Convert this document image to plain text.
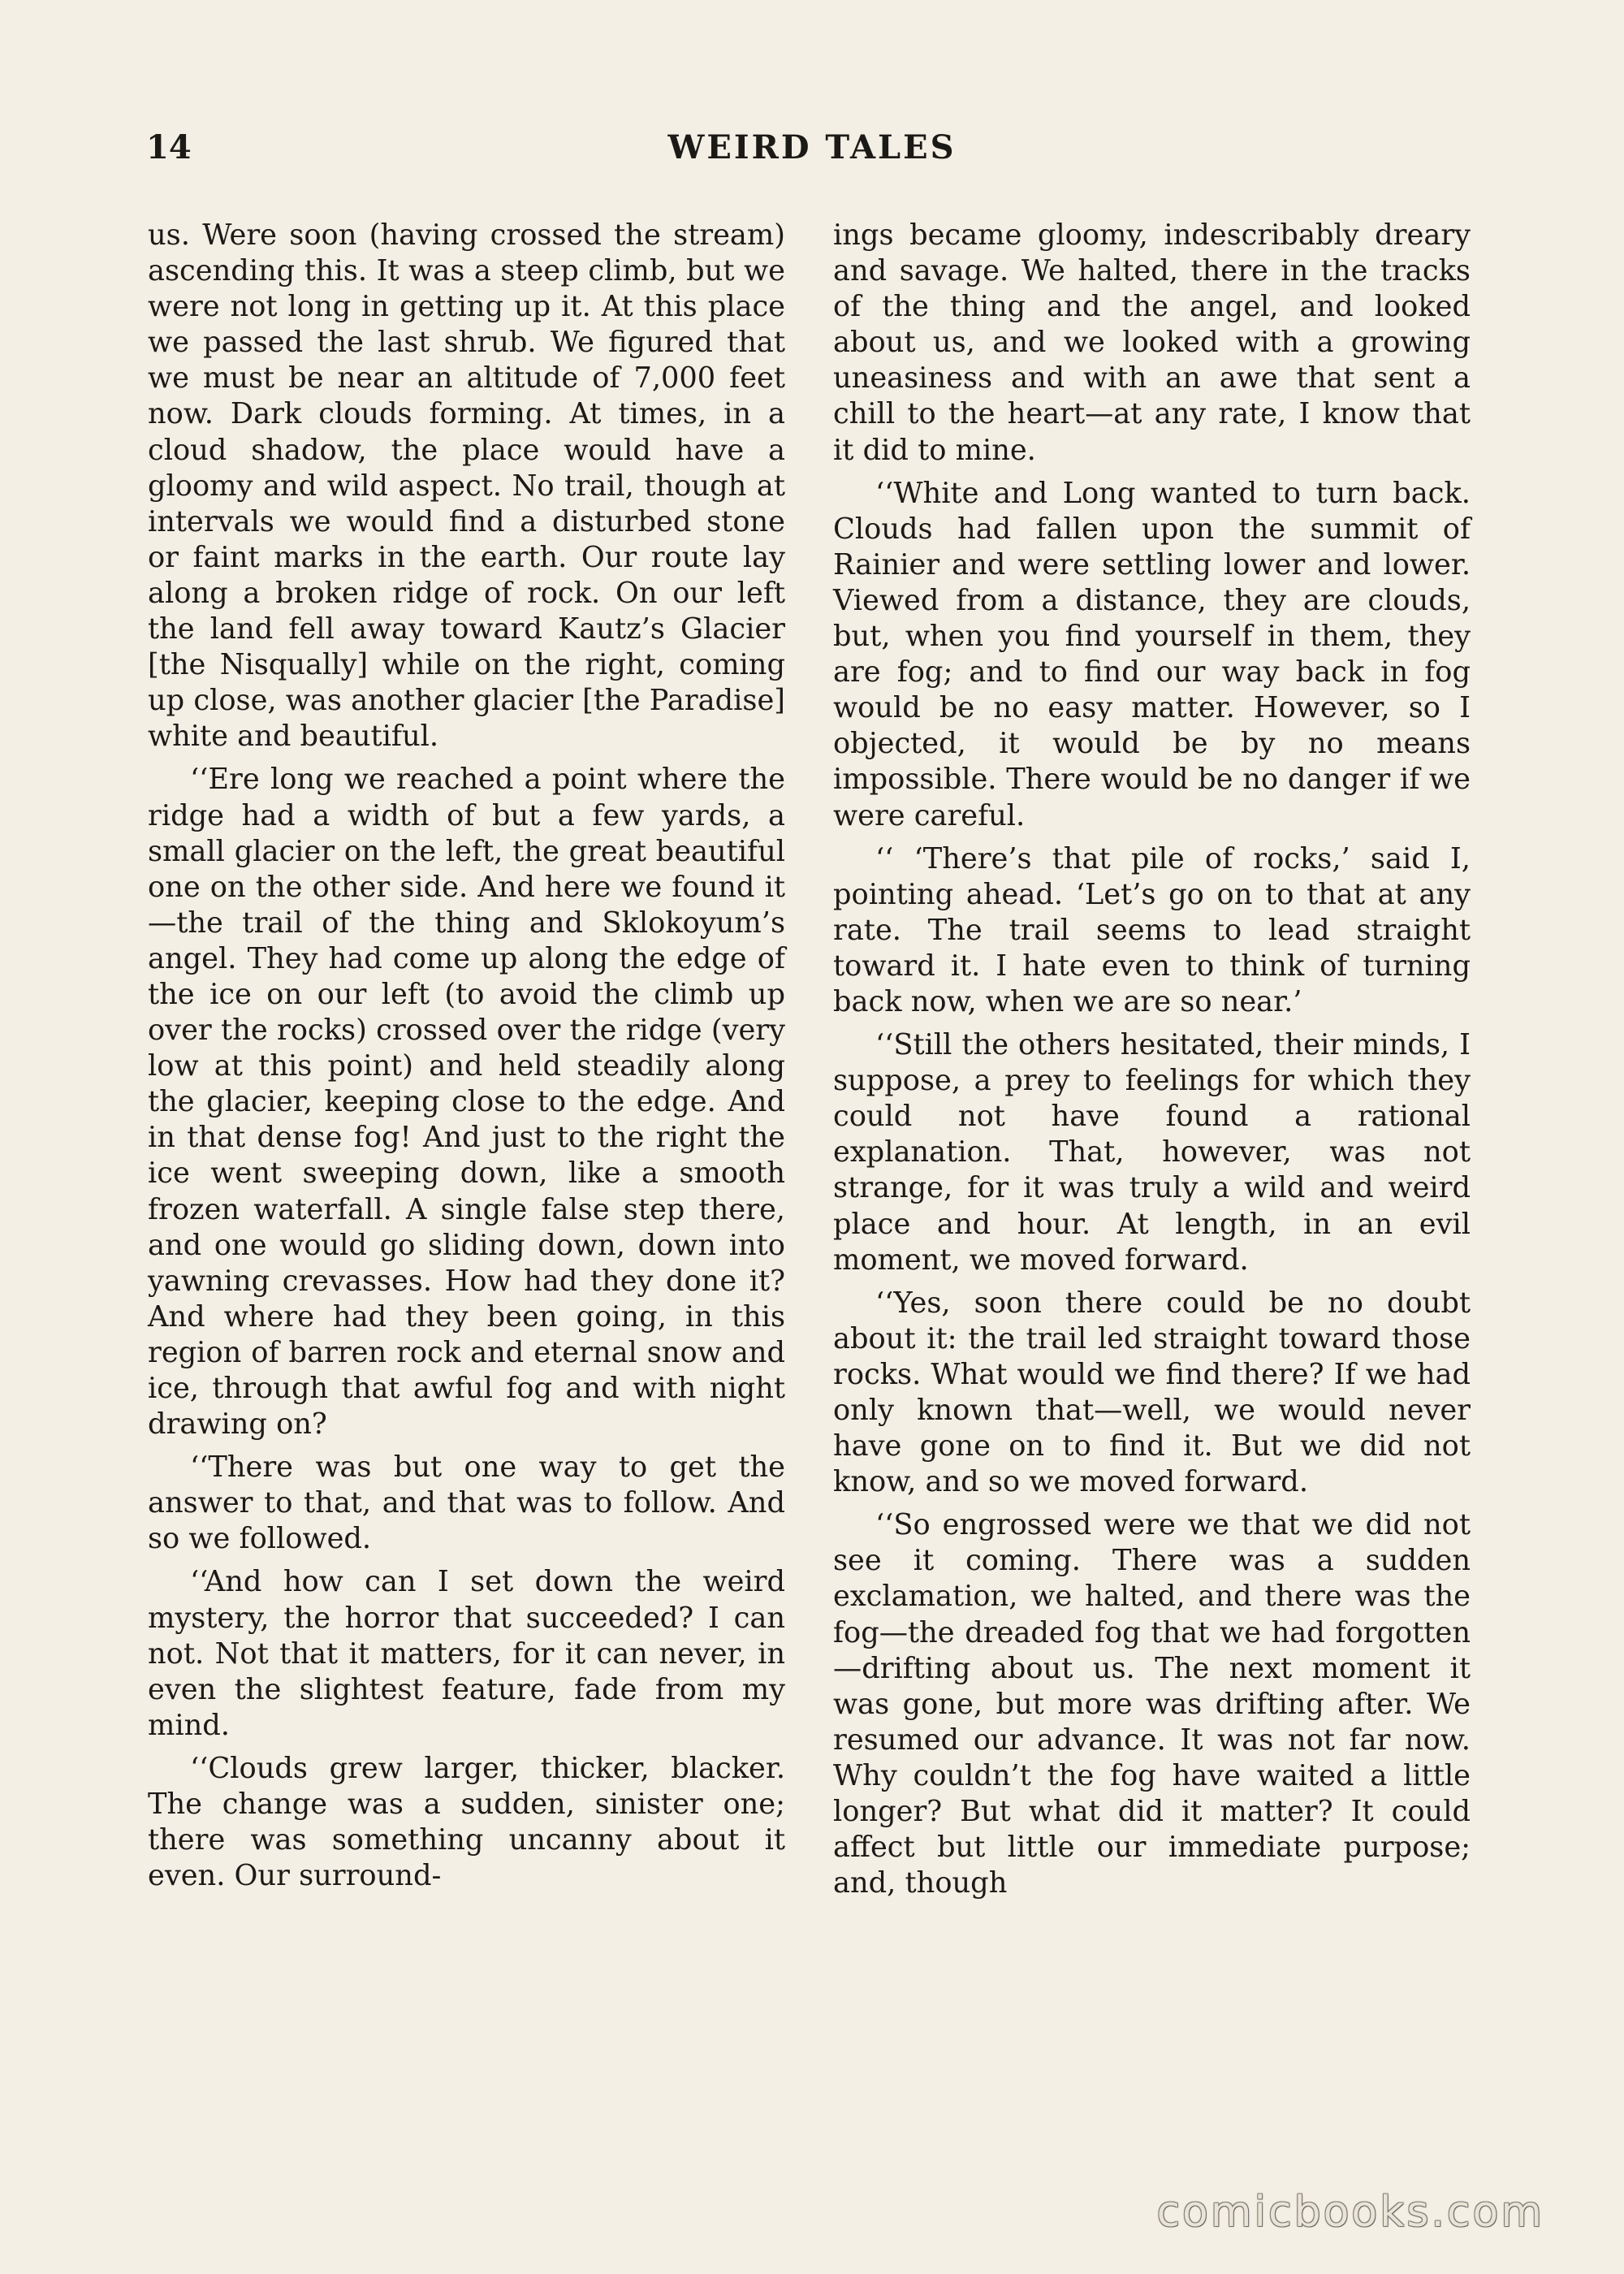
14	WEIRD TALES

us. Were soon (having crossed the stream) ascending this. It was a steep climb, but we were not long in getting up it. At this place we passed the last shrub. We figured that we must be near an altitude of 7,000 feet now. Dark clouds forming. At times, in a cloud shadow, the place would have a gloomy and wild aspect. No trail, though at intervals we would find a disturbed stone or faint marks in the earth. Our route lay along a broken ridge of rock. On our left the land fell away toward Kautz’s Glacier [the Nisqually] while on the right, coming up close, was another glacier [the Paradise] white and beautiful.

‘‘Ere long we reached a point where the ridge had a width of but a few yards, a small glacier on the left, the great beautiful one on the other side. And here we found it—the trail of the thing and Sklokoyum’s angel. They had come up along the edge of the ice on our left (to avoid the climb up over the rocks) crossed over the ridge (very low at this point) and held steadily along the glacier, keeping close to the edge. And in that dense fog! And just to the right the ice went sweeping down, like a smooth frozen waterfall. A single false step there, and one would go sliding down, down into yawning crevasses. How had they done it? And where had they been going, in this region of barren rock and eternal snow and ice, through that awful fog and with night drawing on?

‘‘There was but one way to get the answer to that, and that was to follow. And so we followed.

‘‘And how can I set down the weird mystery, the horror that succeeded? I can not. Not that it matters, for it can never, in even the slightest feature, fade from my mind.

‘‘Clouds grew larger, thicker, blacker. The change was a sudden, sinister one; there was something uncanny about it even. Our surround-

ings became gloomy, indescribably dreary and savage. We halted, there in the tracks of the thing and the angel, and looked about us, and we looked with a growing uneasiness and with an awe that sent a chill to the heart—at any rate, I know that it did to mine.

‘‘White and Long wanted to turn back. Clouds had fallen upon the summit of Rainier and were settling lower and lower. Viewed from a distance, they are clouds, but, when you find yourself in them, they are fog; and to find our way back in fog would be no easy matter. However, so I objected, it would be by no means impossible. There would be no danger if we were careful.

‘‘ ‘There’s that pile of rocks,’ said I, pointing ahead. ‘Let’s go on to that at any rate. The trail seems to lead straight toward it. I hate even to think of turning back now, when we are so near.’

‘‘Still the others hesitated, their minds, I suppose, a prey to feelings for which they could not have found a rational explanation. That, however, was not strange, for it was truly a wild and weird place and hour. At length, in an evil moment, we moved forward.

‘‘Yes, soon there could be no doubt about it: the trail led straight toward those rocks. What would we find there? If we had only known that—well, we would never have gone on to find it. But we did not know, and so we moved forward.

‘‘So engrossed were we that we did not see it coming. There was a sudden exclamation, we halted, and there was the fog—the dreaded fog that we had forgotten—drifting about us. The next moment it was gone, but more was drifting after. We resumed our advance. It was not far now. Why couldn’t the fog have waited a little longer? But what did it matter? It could affect but little our immediate purpose; and, though

comicbooks.com
